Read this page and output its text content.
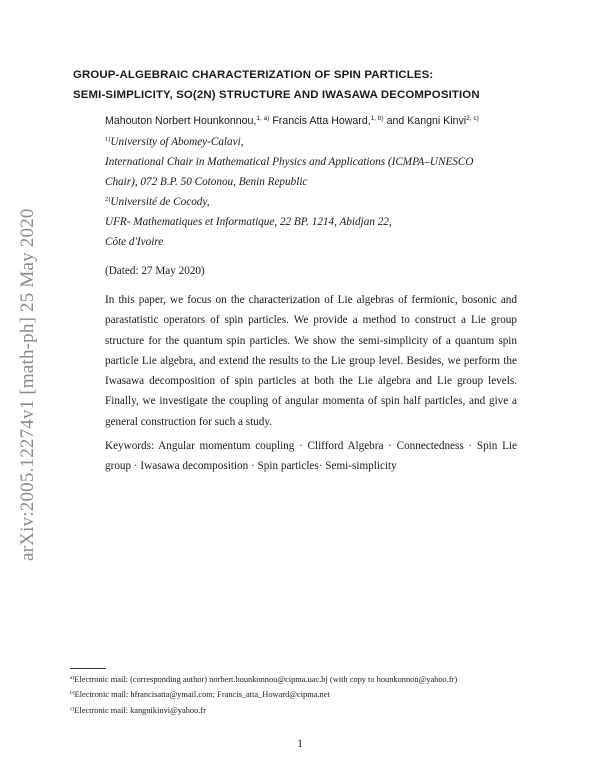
arXiv:2005.12274v1 [math-ph] 25 May 2020
GROUP-ALGEBRAIC CHARACTERIZATION OF SPIN PARTICLES:
SEMI-SIMPLICITY, SO(2N) STRUCTURE AND IWASAWA DECOMPOSITION
Mahouton Norbert Hounkonnou,$^{1, a)}$ Francis Atta Howard,$^{1, b)}$ and Kangni Kinvi$^{2, c)}$
$^{1)}$University of Abomey-Calavi,
International Chair in Mathematical Physics and Applications (ICMPA–UNESCO
Chair), 072 B.P. 50 Cotonou, Benin Republic
$^{2)}$Université de Cocody,
UFR- Mathematiques et Informatique, 22 BP. 1214, Abidjan 22,
Côte d'Ivoire
(Dated: 27 May 2020)

In this paper, we focus on the characterization of Lie algebras of fermionic, bosonic and parastatistic operators of spin particles. We provide a method to construct a Lie group structure for the quantum spin particles. We show the semi-simplicity of a quantum spin particle Lie algebra, and extend the results to the Lie group level. Besides, we perform the Iwasawa decomposition of spin particles at both the Lie algebra and Lie group levels. Finally, we investigate the coupling of angular momenta of spin half particles, and give a general construction for such a study.

Keywords: Angular momentum coupling · Clifford Algebra · Connectedness · Spin Lie group · Iwasawa decomposition · Spin particles· Semi-simplicity

$^{a)}$Electronic mail: (corresponding author) norbert.hounkonnou@cipma.uac.bj (with copy to hounkonnou@yahoo.fr)
$^{b)}$Electronic mail: hfrancisatta@ymail.com; Francis_atta_Howard@cipma.net
$^{c)}$Electronic mail: kangnikinvi@yahoo.fr
1
